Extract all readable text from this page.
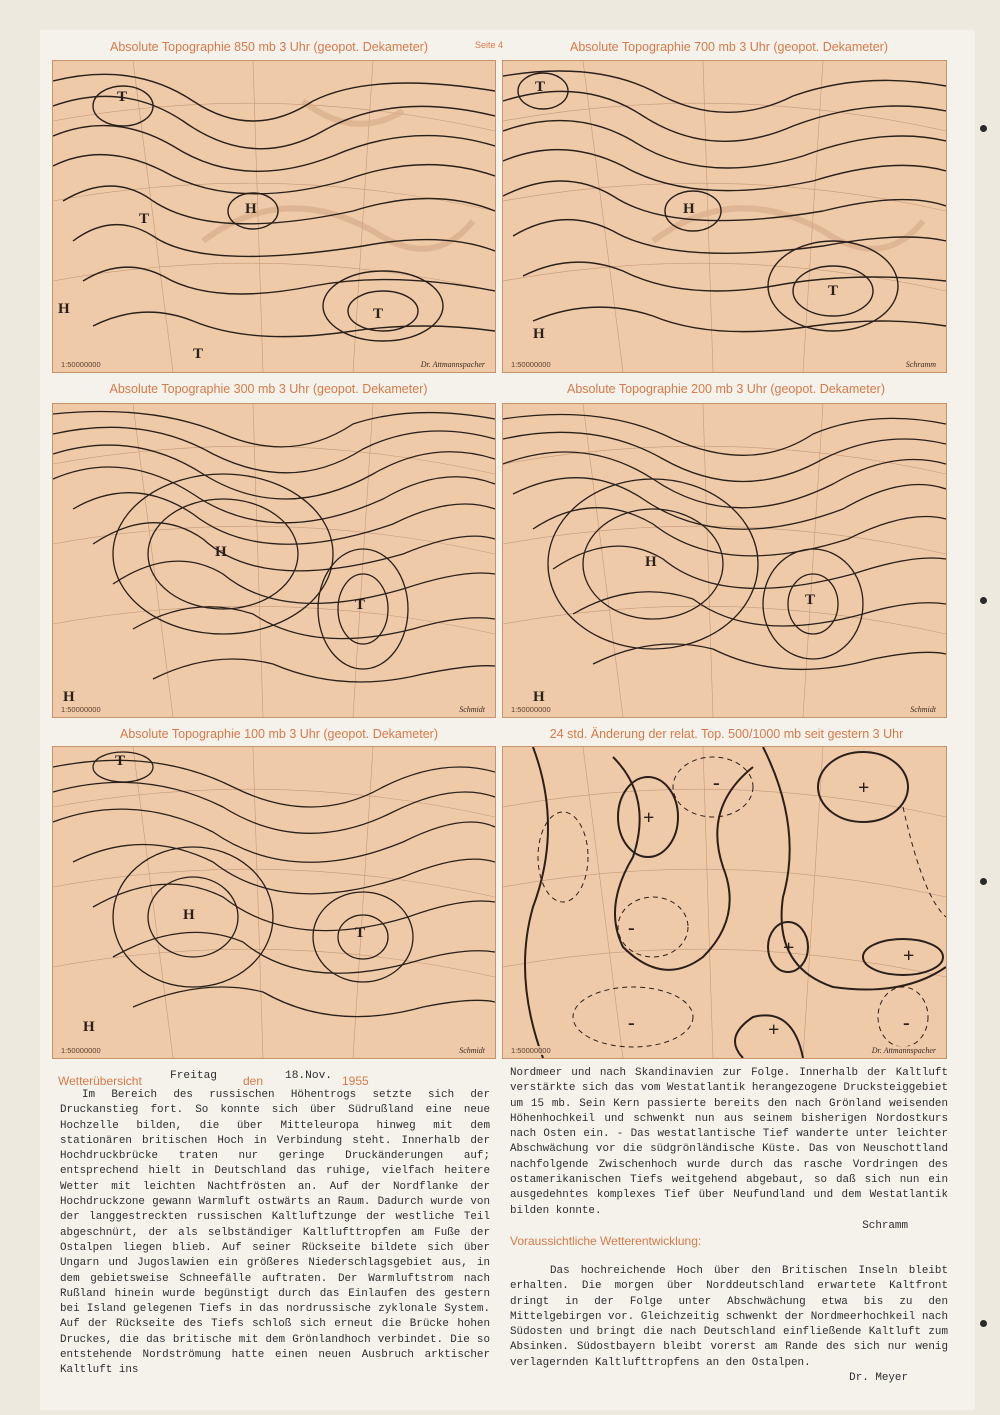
Seite 4
Absolute Topographie 850 mb 3 Uhr (geopot. Dekameter)	Absolute Topographie 700 mb 3 Uhr (geopot. Dekameter)
Absolute Topographie 300 mb 3 Uhr (geopot. Dekameter)	Absolute Topographie 200 mb 3 Uhr (geopot. Dekameter)
Absolute Topographie 100 mb 3 Uhr (geopot. Dekameter)	24 std. Änderung der relat. Top. 500/1000 mb seit gestern 3 Uhr
T
H
T
T
T
H
1:50000000	Dr. Attmannspacher
T
H
T
H
1:50000000	Schramm
H
T
H
1:50000000	Schmidt
H
T
H
1:50000000	Schmidt
T
H
T
H
1:50000000	Schmidt
+
+
-
-
-
+	+
+	-
1:50000000	Dr. Attmannspacher
Wetterübersicht	Freitag den 18.Nov. 1955

Im Bereich des russischen Höhentrogs setzte sich der Druckanstieg fort. So konnte sich über Südrußland eine neue Hochzelle bilden, die über Mitteleuropa hinweg mit dem stationären britischen Hoch in Verbindung steht. Innerhalb der Hochdruckbrücke traten nur geringe Druckänderungen auf; entsprechend hielt in Deutschland das ruhige, vielfach heitere Wetter mit leichten Nachtfrösten an. Auf der Nordflanke der Hochdruckzone gewann Warmluft ostwärts an Raum. Dadurch wurde von der langgestreckten russischen Kaltluftzunge der westliche Teil abgeschnürt, der als selbständiger Kaltlufttropfen am Fuße der Ostalpen liegen blieb. Auf seiner Rückseite bildete sich über Ungarn und Jugoslawien ein größeres Niederschlagsgebiet aus, in dem gebietsweise Schneefälle auftraten. Der Warmluftstrom nach Rußland hinein wurde begünstigt durch das Einlaufen des gestern bei Island gelegenen Tiefs in das nordrussische zyklonale System. Auf der Rückseite des Tiefs schloß sich erneut die Brücke hohen Druckes, die das britische mit dem Grönlandhoch verbindet. Die so entstehende Nordströmung hatte einen neuen Ausbruch arktischer Kaltluft ins

Nordmeer und nach Skandinavien zur Folge. Innerhalb der Kaltluft verstärkte sich das vom Westatlantik herangezogene Drucksteiggebiet um 15 mb. Sein Kern passierte bereits den nach Grönland weisenden Höhenhochkeil und schwenkt nun aus seinem bisherigen Nordostkurs nach Osten ein. - Das westatlantische Tief wanderte unter leichter Abschwächung vor die südgrönländische Küste. Das von Neuschottland nachfolgende Zwischenhoch wurde durch das rasche Vordringen des ostamerikanischen Tiefs weitgehend abgebaut, so daß sich nun ein ausgedehntes komplexes Tief über Neufundland und dem Westatlantik bilden konnte.

Schramm

Voraussichtliche Wetterentwicklung:

Das hochreichende Hoch über den Britischen Inseln bleibt erhalten. Die morgen über Norddeutschland erwartete Kaltfront dringt in der Folge unter Abschwächung etwa bis zu den Mittelgebirgen vor. Gleichzeitig schwenkt der Nordmeerhochkeil nach Südosten und bringt die nach Deutschland einfließende Kaltluft zum Absinken. Südostbayern bleibt vorerst am Rande des sich nur wenig verlagernden Kaltlufttropfens an den Ostalpen.

Dr. Meyer
